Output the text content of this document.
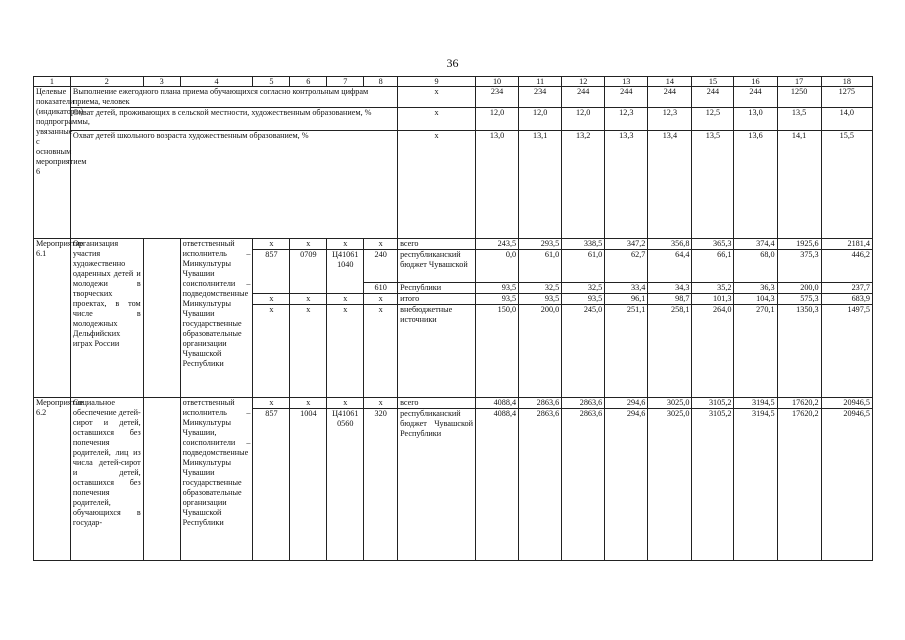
36
1	2	3	4	5	6	7	8	9	10	11	12	13	14	15	16	17	18
Целевые показатели (индикаторы) подпрограммы, увязанные с основным мероприятием 6	Выполнение ежегодного плана приема обучающихся согласно контрольным цифрам приема, человек							x	234	234	244	244	244	244	244	1250	1275
	Охват детей, проживающих в сельской местности, художественным образованием, %							x	12,0	12,0	12,0	12,3	12,3	12,5	13,0	13,5	14,0
	Охват детей школьного возраста художественным образованием, %							x	13,0	13,1	13,2	13,3	13,4	13,5	13,6	14,1	15,5
Мероприятие 6.1	Организация участия художественно одаренных детей и молодежи в творческих проектах, в том числе в молодежных Дельфийских играх России		ответственный исполнитель – Минкультуры Чувашии соисполнители – подведомственные Минкультуры Чувашии государственные образовательные организации Чувашской Республики	x	x	x	x	всего	243,5	293,5	338,5	347,2	356,8	365,3	374,4	1925,6	2181,4
				857	0709	Ц41061 1040	240	республиканский бюджет Чувашской	0,0	61,0	61,0	62,7	64,4	66,1	68,0	375,3	446,2
							610	Республики	93,5	32,5	32,5	33,4	34,3	35,2	36,3	200,0	237,7
				x	x	x	x	итого	93,5	93,5	93,5	96,1	98,7	101,3	104,3	575,3	683,9
				x	x	x	x	внебюджетные источники	150,0	200,0	245,0	251,1	258,1	264,0	270,1	1350,3	1497,5
Мероприятие 6.2	Социальное обеспечение детей-сирот и детей, оставшихся без попечения родителей, лиц из числа детей-сирот и детей, оставшихся без попечения родителей, обучающихся в государ-		ответственный исполнитель – Минкультуры Чувашии, соисполнители – подведомственные Минкультуры Чувашии государственные образовательные организации Чувашской Республики	x	x	x	x	всего	4088,4	2863,6	2863,6	294,6	3025,0	3105,2	3194,5	17620,2	20946,5
				857	1004	Ц41061 0560	320	республиканский бюджет Чувашской Республики	4088,4	2863,6	2863,6	294,6	3025,0	3105,2	3194,5	17620,2	20946,5
